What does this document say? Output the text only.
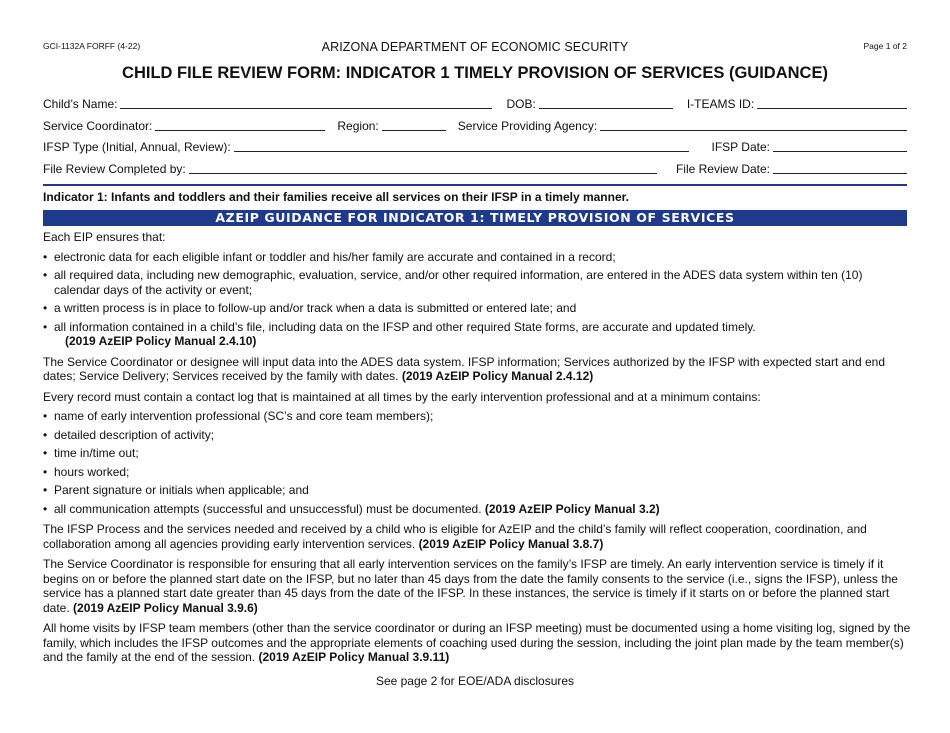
GCI-1132A FORFF (4-22)	ARIZONA DEPARTMENT OF ECONOMIC SECURITY	Page 1 of 2
CHILD FILE REVIEW FORM: INDICATOR 1 TIMELY PROVISION OF SERVICES (GUIDANCE)
Child’s Name:	DOB:	I-TEAMS ID:
Service Coordinator:	Region:	Service Providing Agency:
IFSP Type (Initial, Annual, Review):	IFSP Date:
File Review Completed by:	File Review Date:
Indicator 1: Infants and toddlers and their families receive all services on their IFSP in a timely manner.
AZEIP GUIDANCE FOR INDICATOR 1: TIMELY PROVISION OF SERVICES

Each EIP ensures that:

• electronic data for each eligible infant or toddler and his/her family are accurate and contained in a record;
• all required data, including new demographic, evaluation, service, and/or other required information, are entered in the ADES data system within ten (10) calendar days of the activity or event;
• a written process is in place to follow-up and/or track when a data is submitted or entered late; and
• all information contained in a child’s file, including data on the IFSP and other required State forms, are accurate and updated timely.
(2019 AzEIP Policy Manual 2.4.10)

The Service Coordinator or designee will input data into the ADES data system. IFSP information; Services authorized by the IFSP with expected start and end dates; Service Delivery; Services received by the family with dates. (2019 AzEIP Policy Manual 2.4.12)

Every record must contain a contact log that is maintained at all times by the early intervention professional and at a minimum contains:

• name of early intervention professional (SC’s and core team members);
• detailed description of activity;
• time in/time out;
• hours worked;
• Parent signature or initials when applicable; and
• all communication attempts (successful and unsuccessful) must be documented. (2019 AzEIP Policy Manual 3.2)

The IFSP Process and the services needed and received by a child who is eligible for AzEIP and the child’s family will reflect cooperation, coordination, and collaboration among all agencies providing early intervention services. (2019 AzEIP Policy Manual 3.8.7)

The Service Coordinator is responsible for ensuring that all early intervention services on the family’s IFSP are timely. An early intervention service is timely if it begins on or before the planned start date on the IFSP, but no later than 45 days from the date the family consents to the service (i.e., signs the IFSP), unless the service has a planned start date greater than 45 days from the date of the IFSP. In these instances, the service is timely if it starts on or before the planned start date. (2019 AzEIP Policy Manual 3.9.6)

All home visits by IFSP team members (other than the service coordinator or during an IFSP meeting) must be documented using a home visiting log, signed by the family, which includes the IFSP outcomes and the appropriate elements of coaching used during the session, including the joint plan made by the team member(s) and the family at the end of the session. (2019 AzEIP Policy Manual 3.9.11)

See page 2 for EOE/ADA disclosures
